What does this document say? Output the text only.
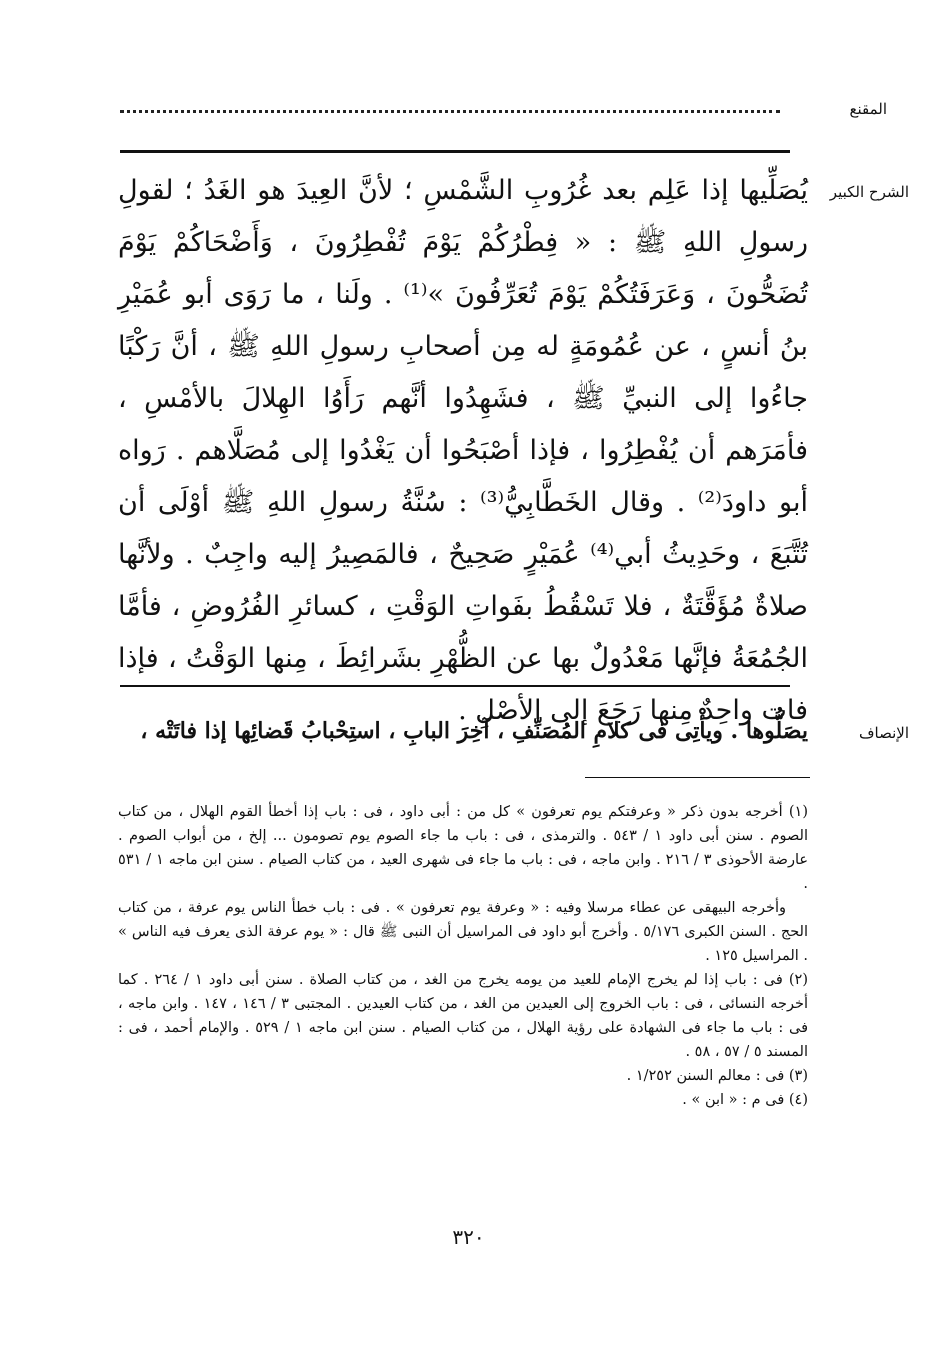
المقنع
الشرح الكبير

يُصَلِّيها إذا عَلِم بعد غُرُوبِ الشَّمْسِ ؛ لأنَّ العِيدَ هو الغَدُ ؛ لقولِ رسولِ اللهِ ﷺ : « فِطْرُكُمْ يَوْمَ تُفْطِرُونَ ، وَأَضْحَاكُمْ يَوْمَ تُضَحُّونَ ، وَعَرَفَتُكُمْ يَوْمَ تُعَرِّفُونَ »⁽¹⁾ . ولَنا ، ما رَوَى أبو عُمَيْرِ بنُ أنسٍ ، عن عُمُومَةٍ له مِن أصحابِ رسولِ اللهِ ﷺ ، أنَّ رَكْبًا جاءُوا إلى النبيِّ ﷺ ، فشَهِدُوا أنَّهم رَأَوُا الهِلالَ بالأمْسِ ، فأمَرَهم أن يُفْطِرُوا ، فإذا أصْبَحُوا أن يَغْدُوا إلى مُصَلَّاهم . رَواه أبو داودَ⁽²⁾ . وقال الخَطَّابِيُّ⁽³⁾ : سُنَّةُ رسولِ اللهِ ﷺ أوْلَى أن تُتَّبَعَ ، وحَدِيثُ أبي⁽⁴⁾ عُمَيْرٍ صَحِيحٌ ، فالمَصِيرُ إليه واجِبٌ . ولأنَّها صلاةٌ مُؤَقَّتَةٌ ، فلا تَسْقُطُ بفَواتِ الوَقْتِ ، كسائرِ الفُرُوضِ ، فأمَّا الجُمُعَةُ فإنَّها مَعْدُولٌ بها عن الظُّهْرِ بشَرائِطَ ، مِنها الوَقْتُ ، فإذا فات واحِدٌ مِنها رَجَعَ إلى الأصْلِ .

الإنصاف
يصَلُّوها . ويأْتِى فى كلامِ المُصَنِّفِ ، آخِرَ البابِ ، استِحْبابُ قَضائِها إذا فاتَتْه ،

(١) أخرجه بدون ذكر « وعرفتكم يوم تعرفون » كل من : أبى داود ، فى : باب إذا أخطأ القوم الهلال ، من كتاب الصوم . سنن أبى داود ١ / ٥٤٣ . والترمذى ، فى : باب ما جاء الصوم يوم تصومون ... إلخ ، من أبواب الصوم . عارضة الأحوذى ٣ / ٢١٦ . وابن ماجه ، فى : باب ما جاء فى شهرى العيد ، من كتاب الصيام . سنن ابن ماجه ١ / ٥٣١ .

وأخرجه البيهقى عن عطاء مرسلا وفيه : « وعرفة يوم تعرفون » . فى : باب خطأ الناس يوم عرفة ، من كتاب الحج . السنن الكبرى ٥/١٧٦ . وأخرج أبو داود فى المراسيل أن النبى ﷺ قال : « يوم عرفة الذى يعرف فيه الناس » . المراسيل ١٢٥ .

(٢) فى : باب إذا لم يخرج الإمام للعيد من يومه يخرج من الغد ، من كتاب الصلاة . سنن أبى داود ١ / ٢٦٤ . كما أخرجه النسائى ، فى : باب الخروج إلى العيدين من الغد ، من كتاب العيدين . المجتبى ٣ / ١٤٦ ، ١٤٧ . وابن ماجه ، فى : باب ما جاء فى الشهادة على رؤية الهلال ، من كتاب الصيام . سنن ابن ماجه ١ / ٥٢٩ . والإمام أحمد ، فى : المسند ٥ / ٥٧ ، ٥٨ .

(٣) فى : معالم السنن ١/٢٥٢ .

(٤) فى م : « ابن » .

٣٢٠
